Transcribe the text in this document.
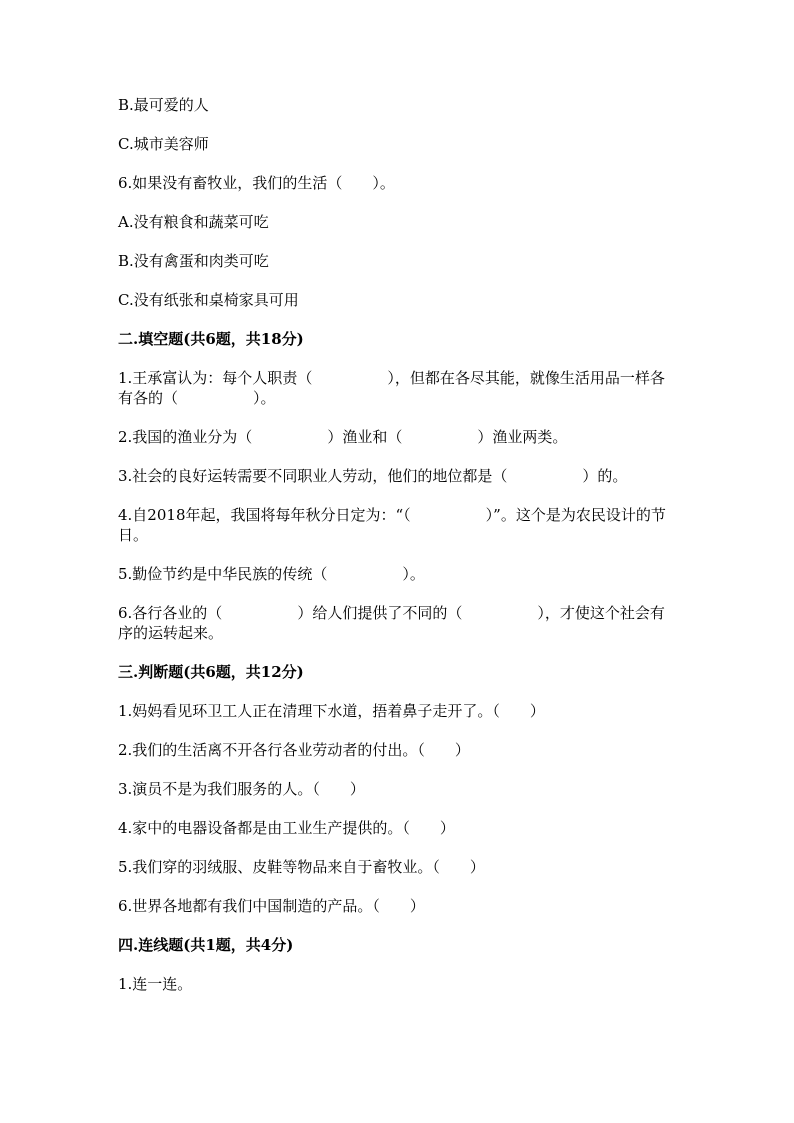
B.最可爱的人

C.城市美容师

6.如果没有畜牧业，我们的生活（　　）。

A.没有粮食和蔬菜可吃

B.没有禽蛋和肉类可吃

C.没有纸张和桌椅家具可用

二.填空题(共6题，共18分)

1.王承富认为：每个人职责（　　　　　），但都在各尽其能，就像生活用品一样各有各的（　　　　　）。

2.我国的渔业分为（　　　　　）渔业和（　　　　　）渔业两类。

3.社会的良好运转需要不同职业人劳动，他们的地位都是（　　　　　）的。

4.自2018年起，我国将每年秋分日定为：“（　　　　　）”。这个是为农民设计的节日。

5.勤俭节约是中华民族的传统（　　　　　）。

6.各行各业的（　　　　　）给人们提供了不同的（　　　　　），才使这个社会有序的运转起来。

三.判断题(共6题，共12分)

1.妈妈看见环卫工人正在清理下水道，捂着鼻子走开了。（　　）

2.我们的生活离不开各行各业劳动者的付出。（　　）

3.演员不是为我们服务的人。（　　）

4.家中的电器设备都是由工业生产提供的。（　　）

5.我们穿的羽绒服、皮鞋等物品来自于畜牧业。（　　）

6.世界各地都有我们中国制造的产品。（　　）

四.连线题(共1题，共4分)

1.连一连。
